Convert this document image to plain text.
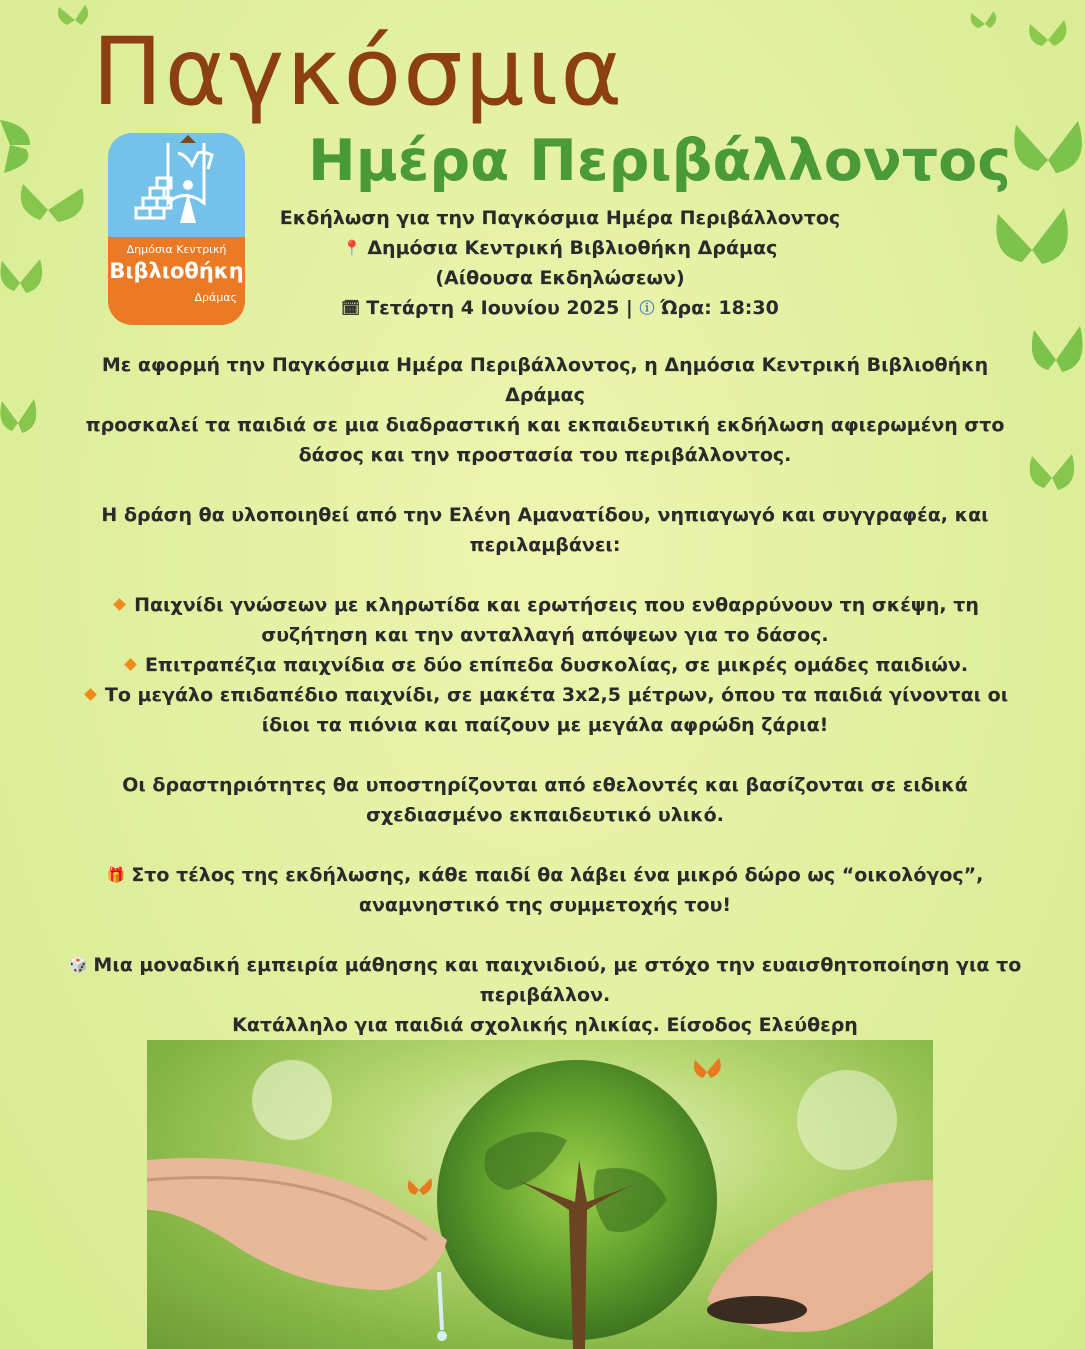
Παγκόσμια
Ημέρα Περιβάλλοντος
Δημόσια Κεντρική
Βιβλιοθήκη
Δράμας
Εκδήλωση για την Παγκόσμια Ημέρα Περιβάλλοντος
📍 Δημόσια Κεντρική Βιβλιοθήκη Δράμας
(Αίθουσα Εκδηλώσεων)
🗓 Τετάρτη 4 Ιουνίου 2025 | ⓘ Ώρα: 18:30

Με αφορμή την Παγκόσμια Ημέρα Περιβάλλοντος, η Δημόσια Κεντρική Βιβλιοθήκη Δράμας

προσκαλεί τα παιδιά σε μια διαδραστική και εκπαιδευτική εκδήλωση αφιερωμένη στο

δάσος και την προστασία του περιβάλλοντος.

Η δράση θα υλοποιηθεί από την Ελένη Αμανατίδου, νηπιαγωγό και συγγραφέα, και

περιλαμβάνει:

Παιχνίδι γνώσεων με κληρωτίδα και ερωτήσεις που ενθαρρύνουν τη σκέψη, τη

συζήτηση και την ανταλλαγή απόψεων για το δάσος.

Επιτραπέζια παιχνίδια σε δύο επίπεδα δυσκολίας, σε μικρές ομάδες παιδιών.

Το μεγάλο επιδαπέδιο παιχνίδι, σε μακέτα 3x2,5 μέτρων, όπου τα παιδιά γίνονται οι

ίδιοι τα πιόνια και παίζουν με μεγάλα αφρώδη ζάρια!

Οι δραστηριότητες θα υποστηρίζονται από εθελοντές και βασίζονται σε ειδικά

σχεδιασμένο εκπαιδευτικό υλικό.

🎁 Στο τέλος της εκδήλωσης, κάθε παιδί θα λάβει ένα μικρό δώρο ως “οικολόγος”,

αναμνηστικό της συμμετοχής του!

🎲 Μια μοναδική εμπειρία μάθησης και παιχνιδιού, με στόχο την ευαισθητοποίηση για το

περιβάλλον.

Κατάλληλο για παιδιά σχολικής ηλικίας. Είσοδος Ελεύθερη
